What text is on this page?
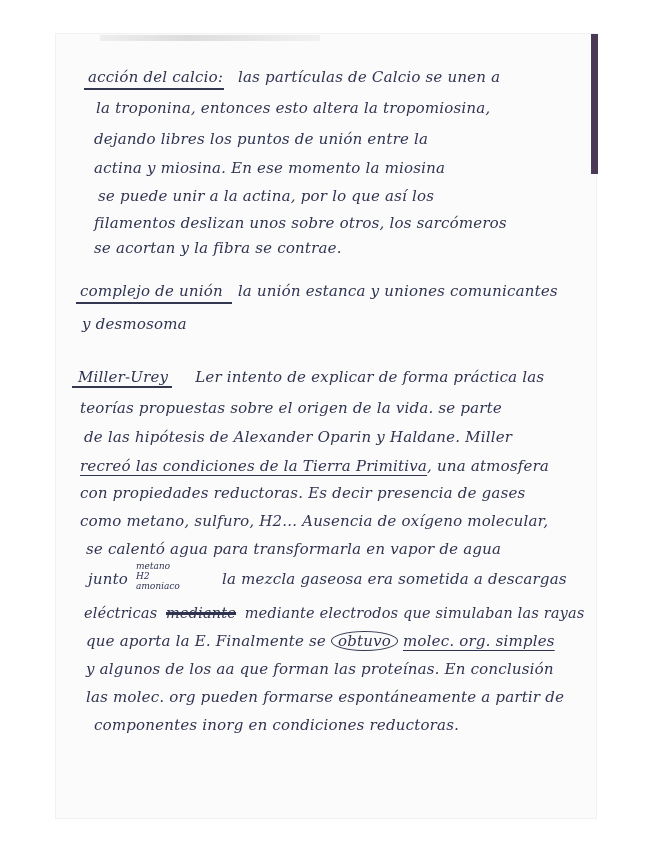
acción del calcio: las partículas de Calcio se unen a
la troponina, entonces esto altera la tropomiosina,
dejando libres los puntos de unión entre la
actina y miosina. En ese momento la miosina
se puede unir a la actina, por lo que así los
filamentos deslizan unos sobre otros, los sarcómeros
se acortan y la fibra se contrae.
complejo de unión la unión estanca y uniones comunicantes
y desmosoma
Miller-Urey Ler intento de explicar de forma práctica las
teorías propuestas sobre el origen de la vida. se parte
de las hipótesis de Alexander Oparin y Haldane. Miller
recreó las condiciones de la Tierra Primitiva, una atmosfera
con propiedades reductoras. Es decir presencia de gases
como metano, sulfuro, H2... Ausencia de oxígeno molecular,
se calentó agua para transformarla en vapor de agua
junto
metano
H2
amoniaco	la mezcla gaseosa era sometida a descargas
eléctricas mediante mediante electrodos que simulaban las rayas
que aporta la E. Finalmente se obtuvo molec. org. simples
y algunos de los aa que forman las proteínas. En conclusión
las molec. org pueden formarse espontáneamente a partir de
componentes inorg en condiciones reductoras.
